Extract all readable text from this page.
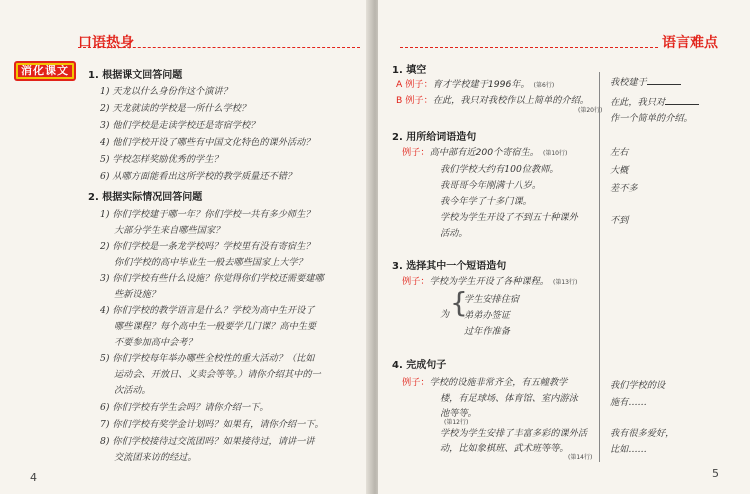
口语热身
消化课文	1. 根据课文回答问题
1) 天龙以什么身份作这个演讲？
2) 天龙就读的学校是一所什么学校？
3) 他们学校是走读学校还是寄宿学校？
4) 他们学校开设了哪些有中国文化特色的课外活动？
5) 学校怎样奖励优秀的学生？
6) 从哪方面能看出这所学校的教学质量还不错？
2. 根据实际情况回答问题
1) 你们学校建于哪一年？你们学校一共有多少师生？
大部分学生来自哪些国家？
2) 你们学校是一条龙学校吗？学校里有没有寄宿生？
你们学校的高中毕业生一般去哪些国家上大学？
3) 你们学校有些什么设施？你觉得你们学校还需要建哪
些新设施？
4) 你们学校的教学语言是什么？学校为高中生开设了
哪些课程？每个高中生一般要学几门课？高中生要
不要参加高中会考？
5) 你们学校每年举办哪些全校性的重大活动？（比如
运动会、开放日、义卖会等等。）请你介绍其中的一
次活动。
6) 你们学校有学生会吗？请你介绍一下。
7) 你们学校有奖学金计划吗？如果有，请你介绍一下。
8) 你们学校接待过交流团吗？如果接待过，请讲一讲
交流团来访的经过。
4
语言难点
1. 填空
A 例子：育才学校建于1996年。 (第6行)
B 例子：在此，我只对我校作以上简单的介绍。
(第20行)
我校建于
在此，我只对
作一个简单的介绍。
2. 用所给词语造句
例子：高中部有近200个寄宿生。 (第10行)
我们学校大约有100位教师。
我哥哥今年刚满十八岁。
我今年学了十多门课。
学校为学生开设了不到五十种课外
活动。
左右
大概
差不多
不到
3. 选择其中一个短语造句
例子：学校为学生开设了各种课程。 (第13行)
为 {
学生安排住宿
弟弟办签证
过年作准备
4. 完成句子
例子：学校的设施非常齐全，有五幢教学
楼，有足球场、体育馆、室内游泳
池等等。
(第12行)
学校为学生安排了丰富多彩的课外活
动，比如象棋班、武术班等等。
(第14行)
我们学校的设
施有……
我有很多爱好，
比如……
5
